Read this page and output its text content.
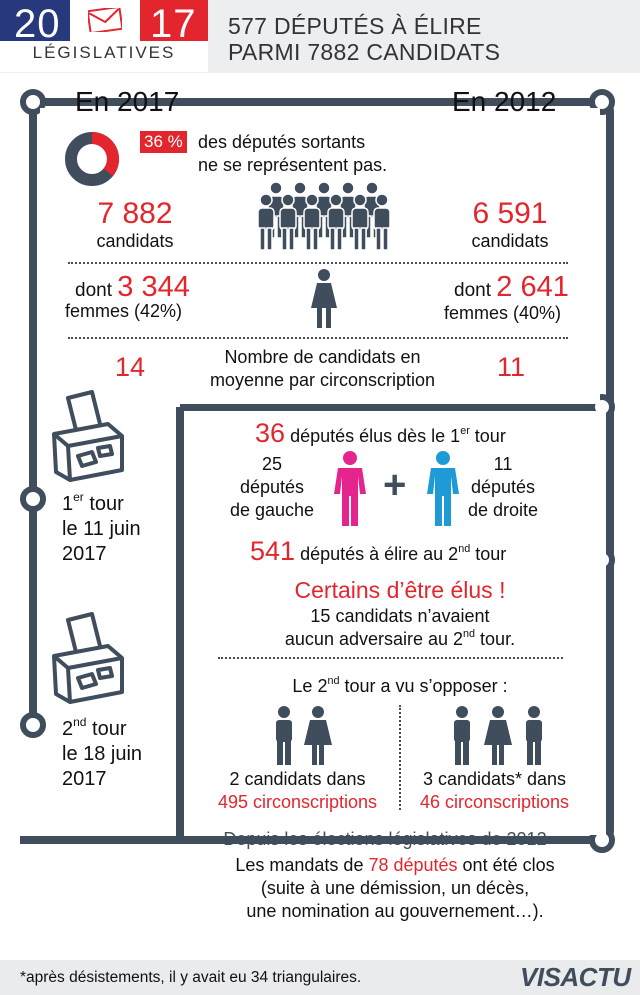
20 17
LÉGISLATIVES
577 DÉPUTÉS À ÉLIRE
PARMI 7882 CANDIDATS
En 2017	En 2012
36 % des députés sortants
ne se représentent pas.
7 882
candidats
6 591
candidats
dont 3 344
femmes (42%)
dont 2 641
femmes (40%)
14	11
Nombre de candidats en
moyenne par circonscription
1er tour
le 11 juin
2017
2nd tour
le 18 juin
2017
36 députés élus dès le 1er tour
25
députés
de gauche
11
députés
de droite
+
541 députés à élire au 2nd tour
Certains d’être élus !
15 candidats n’avaient
aucun adversaire au 2nd tour.
Le 2nd tour a vu s’opposer :
2 candidats dans
495 circonscriptions
3 candidats* dans
46 circonscriptions
Depuis les élections législatives de 2012
Les mandats de 78 députés ont été clos
(suite à une démission, un décès,
une nomination au gouvernement…).
*après désistements, il y avait eu 34 triangulaires.	VISACTU
